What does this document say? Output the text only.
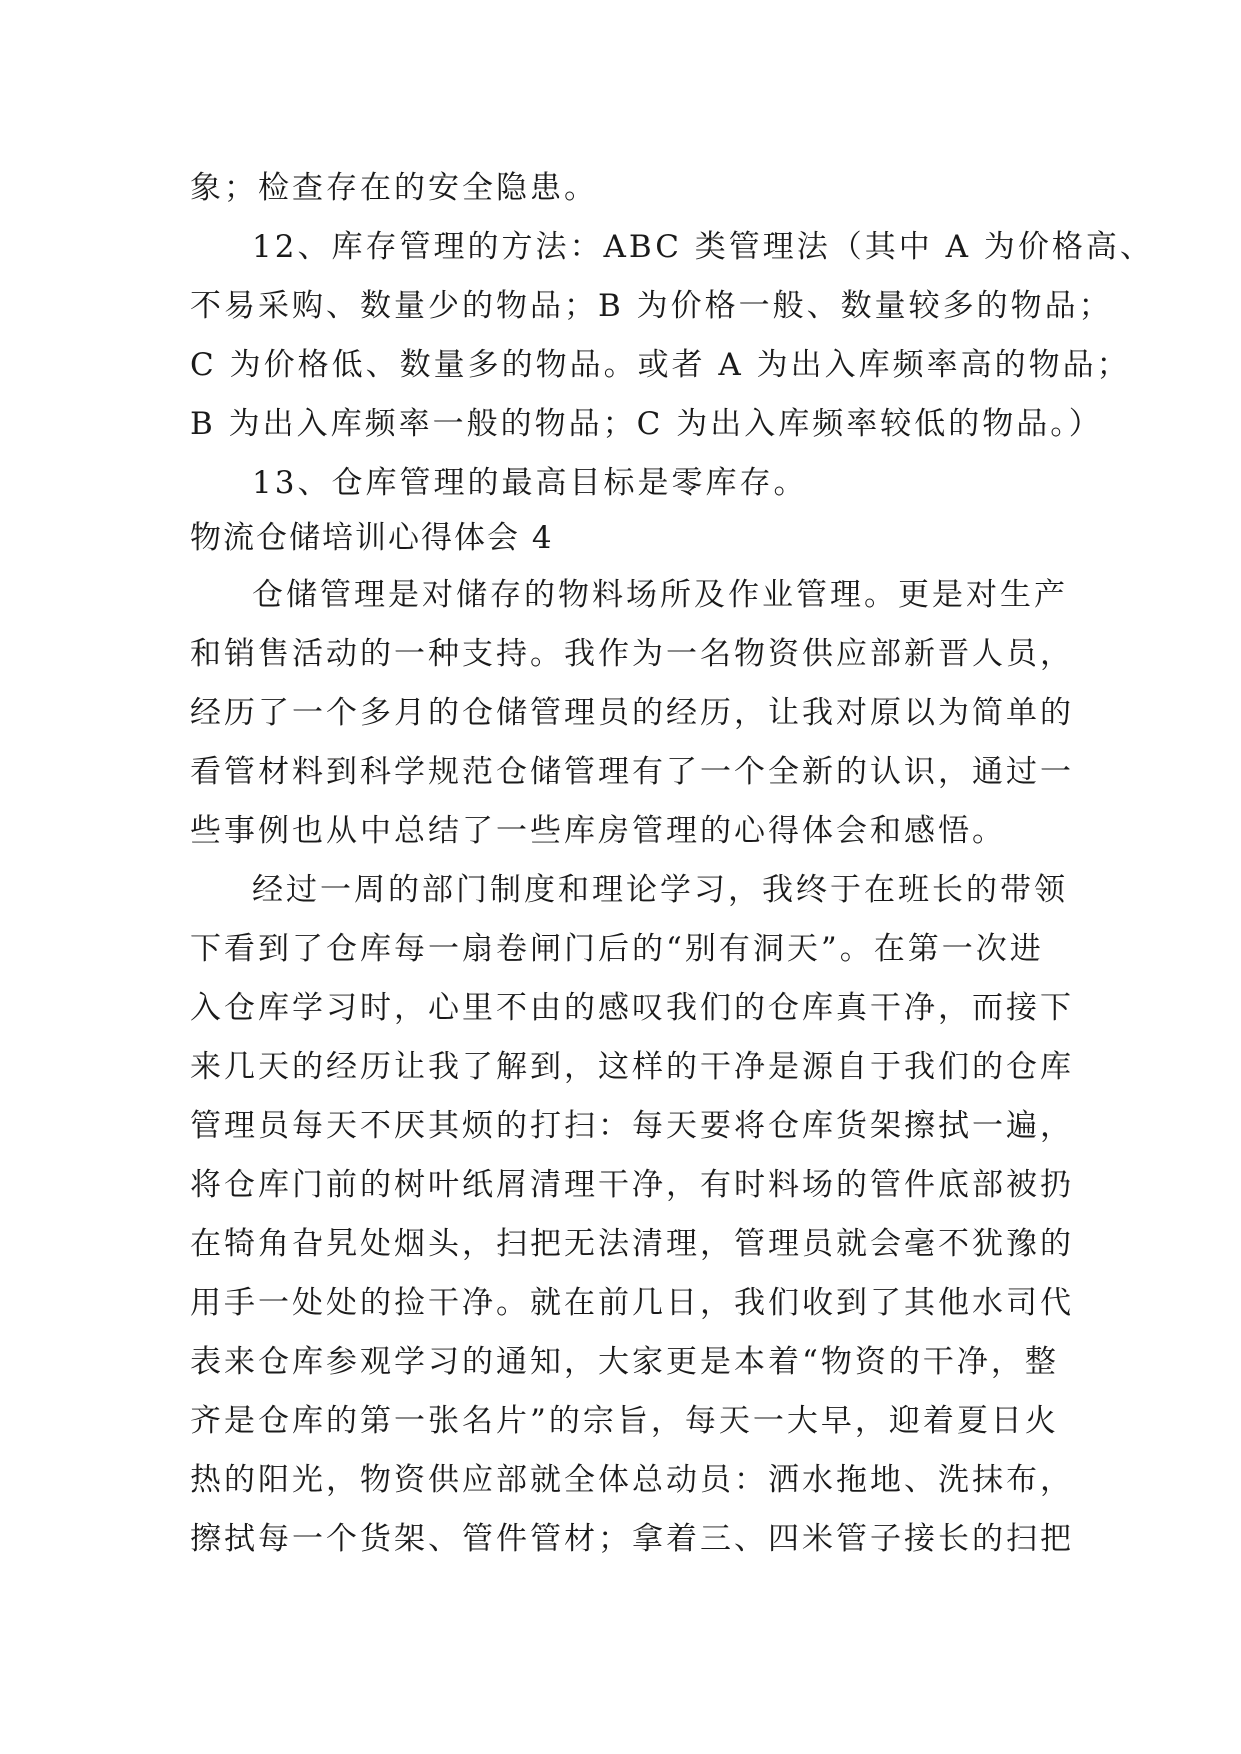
象；检查存在的安全隐患。
12、库存管理的方法：ABC 类管理法（其中 A 为价格高、
不易采购、数量少的物品；B 为价格一般、数量较多的物品；
C 为价格低、数量多的物品。或者 A 为出入库频率高的物品；
B 为出入库频率一般的物品；C 为出入库频率较低的物品。）
13、仓库管理的最高目标是零库存。
物流仓储培训心得体会 4
仓储管理是对储存的物料场所及作业管理。更是对生产
和销售活动的一种支持。我作为一名物资供应部新晋人员，
经历了一个多月的仓储管理员的经历，让我对原以为简单的
看管材料到科学规范仓储管理有了一个全新的认识，通过一
些事例也从中总结了一些库房管理的心得体会和感悟。
经过一周的部门制度和理论学习，我终于在班长的带领
下看到了仓库每一扇卷闸门后的“别有洞天”。在第一次进
入仓库学习时，心里不由的感叹我们的仓库真干净，而接下
来几天的经历让我了解到，这样的干净是源自于我们的仓库
管理员每天不厌其烦的打扫：每天要将仓库货架擦拭一遍，
将仓库门前的树叶纸屑清理干净，有时料场的管件底部被扔
在犄角旮旯处烟头，扫把无法清理，管理员就会毫不犹豫的
用手一处处的捡干净。就在前几日，我们收到了其他水司代
表来仓库参观学习的通知，大家更是本着“物资的干净，整
齐是仓库的第一张名片”的宗旨，每天一大早，迎着夏日火
热的阳光，物资供应部就全体总动员：洒水拖地、洗抹布，
擦拭每一个货架、管件管材；拿着三、四米管子接长的扫把
